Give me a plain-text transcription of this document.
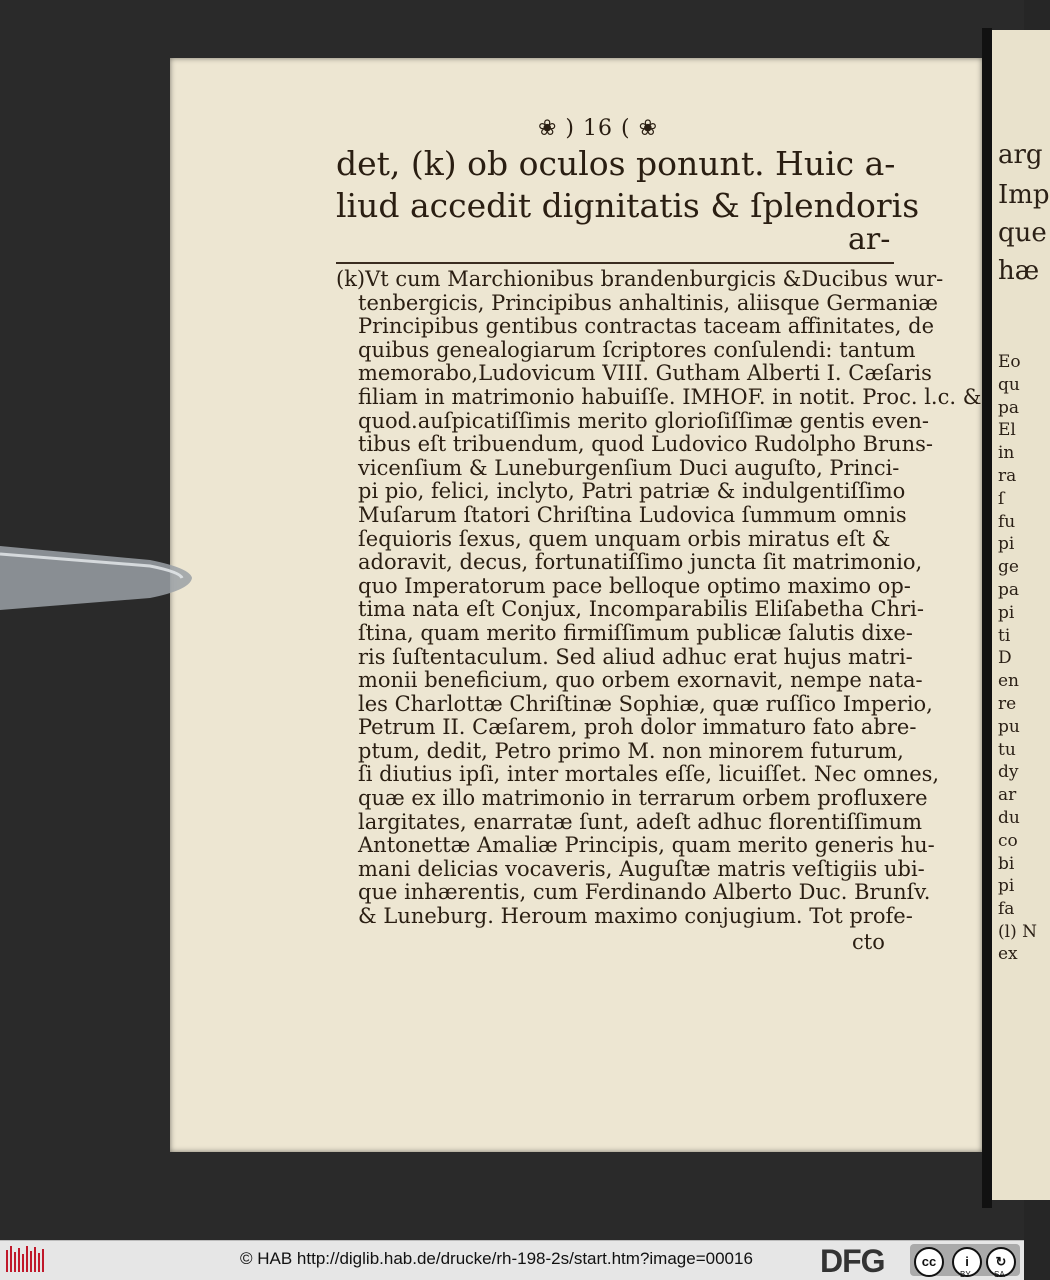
arg
Imp
que
hæ
Eo
qu
pa
El
in
ra
ſ
fu
pi
ge
pa
pi
ti
D
en
re
pu
tu
dy
ar
du
co
bi
pi
fa
(l) N
ex
❀ ) 16 ( ❀
det, (k) ob oculos ponunt. Huic a-
liud accedit dignitatis & ſplendoris
ar-
(k)Vt cum Marchionibus brandenburgicis &Ducibus wur-
tenbergicis, Principibus anhaltinis, aliisque Germaniæ
Principibus gentibus contractas taceam affinitates, de
quibus genealogiarum ſcriptores conſulendi: tantum
memorabo,Ludovicum VIII. Gutham Alberti I. Cæſaris
filiam in matrimonio habuiſſe. IMHOF. in notit. Proc. l.c. &
quod.auſpicatiſſimis merito glorioſiſſimæ gentis even-
tibus eſt tribuendum, quod Ludovico Rudolpho Bruns-
vicenſium & Luneburgenſium Duci auguſto, Princi-
pi pio, felici, inclyto, Patri patriæ & indulgentiſſimo
Muſarum ſtatori Chriſtina Ludovica ſummum omnis
ſequioris ſexus, quem unquam orbis miratus eſt &
adoravit, decus, fortunatiſſimo juncta ſit matrimonio,
quo Imperatorum pace belloque optimo maximo op-
tima nata eſt Conjux, Incomparabilis Eliſabetha Chri-
ſtina, quam merito firmiſſimum publicæ ſalutis dixe-
ris ſuſtentaculum. Sed aliud adhuc erat hujus matri-
monii beneficium, quo orbem exornavit, nempe nata-
les Charlottæ Chriſtinæ Sophiæ, quæ ruſſico Imperio,
Petrum II. Cæſarem, proh dolor immaturo fato abre-
ptum, dedit, Petro primo M. non minorem futurum,
ſi diutius ipſi, inter mortales eſſe, licuiſſet. Nec omnes,
quæ ex illo matrimonio in terrarum orbem profluxere
largitates, enarratæ ſunt, adeſt adhuc florentiſſimum
Antonettæ Amaliæ Principis, quam merito generis hu-
mani delicias vocaveris, Auguſtæ matris veſtigiis ubi-
que inhærentis, cum Ferdinando Alberto Duc. Brunſv.
& Luneburg. Heroum maximo conjugium. Tot profe-
cto
© HAB http://diglib.hab.de/drucke/rh-198-2s/start.htm?image=00016 DFG	cc	i	↻
BY	SA
